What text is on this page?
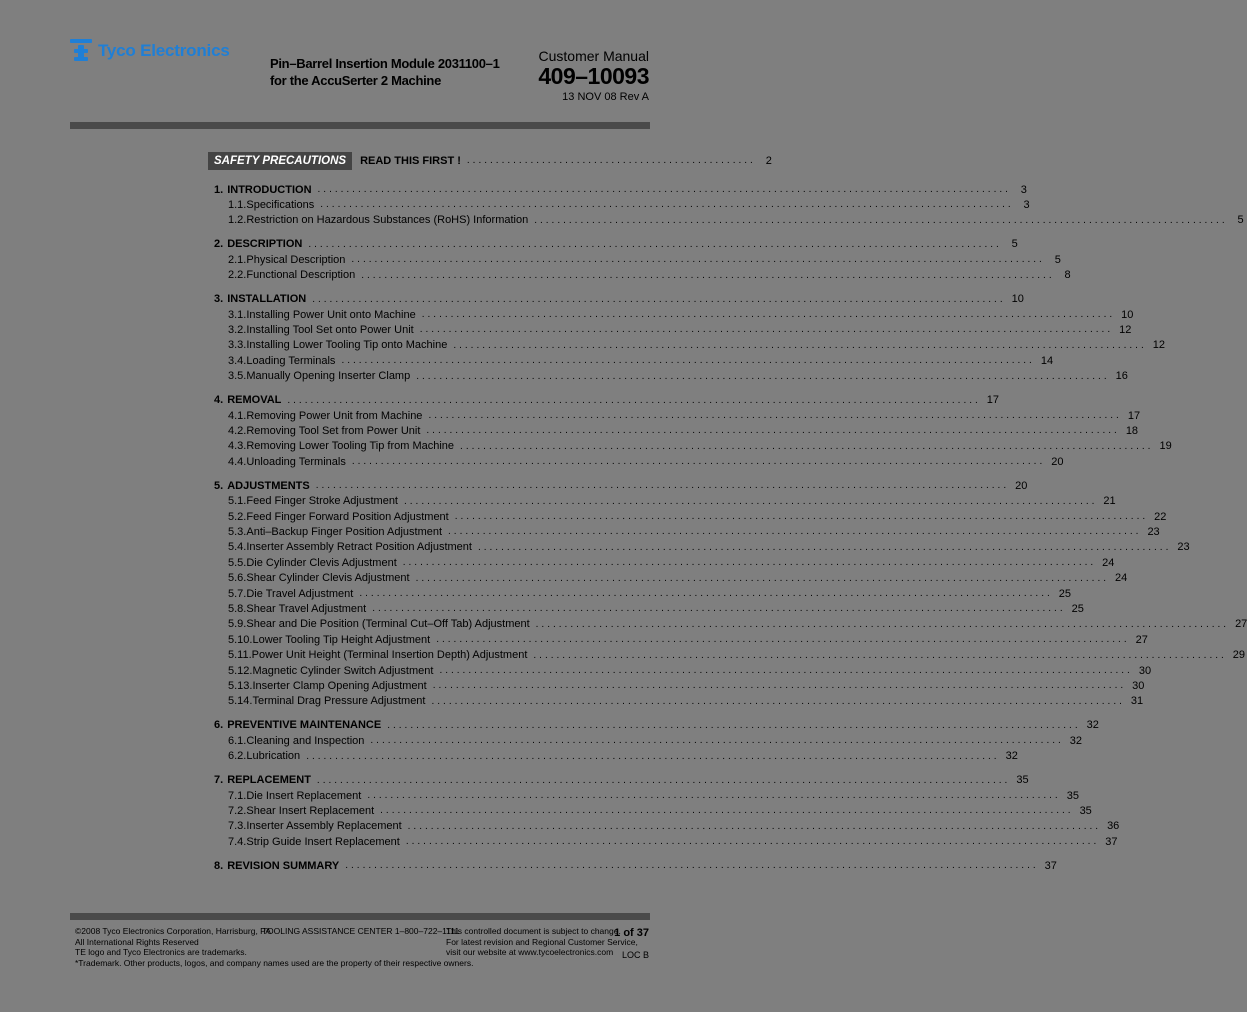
Tyco Electronics
Pin–Barrel Insertion Module 2031100–1
for the AccuSerter 2 Machine
Customer Manual
409–10093
13 NOV 08 Rev A
SAFETY PRECAUTIONS	READ THIS FIRST ! .................................................. 2
1. INTRODUCTION ........................................................................................................................ 3
1.1. Specifications ........................................................................................................................ 3
1.2. Restriction on Hazardous Substances (RoHS) Information ........................................................................................................................ 5
2. DESCRIPTION ........................................................................................................................ 5
2.1. Physical Description ........................................................................................................................ 5
2.2. Functional Description ........................................................................................................................ 8
3. INSTALLATION ........................................................................................................................ 10
3.1. Installing Power Unit onto Machine ........................................................................................................................ 10
3.2. Installing Tool Set onto Power Unit ........................................................................................................................ 12
3.3. Installing Lower Tooling Tip onto Machine ........................................................................................................................ 12
3.4. Loading Terminals ........................................................................................................................ 14
3.5. Manually Opening Inserter Clamp ........................................................................................................................ 16
4. REMOVAL ........................................................................................................................ 17
4.1. Removing Power Unit from Machine ........................................................................................................................ 17
4.2. Removing Tool Set from Power Unit ........................................................................................................................ 18
4.3. Removing Lower Tooling Tip from Machine ........................................................................................................................ 19
4.4. Unloading Terminals ........................................................................................................................ 20
5. ADJUSTMENTS ........................................................................................................................ 20
5.1. Feed Finger Stroke Adjustment ........................................................................................................................ 21
5.2. Feed Finger Forward Position Adjustment ........................................................................................................................ 22
5.3. Anti–Backup Finger Position Adjustment ........................................................................................................................ 23
5.4. Inserter Assembly Retract Position Adjustment ........................................................................................................................ 23
5.5. Die Cylinder Clevis Adjustment ........................................................................................................................ 24
5.6. Shear Cylinder Clevis Adjustment ........................................................................................................................ 24
5.7. Die Travel Adjustment ........................................................................................................................ 25
5.8. Shear Travel Adjustment ........................................................................................................................ 25
5.9. Shear and Die Position (Terminal Cut–Off Tab) Adjustment ........................................................................................................................ 27
5.10. Lower Tooling Tip Height Adjustment ........................................................................................................................ 27
5.11. Power Unit Height (Terminal Insertion Depth) Adjustment ........................................................................................................................ 29
5.12. Magnetic Cylinder Switch Adjustment ........................................................................................................................ 30
5.13. Inserter Clamp Opening Adjustment ........................................................................................................................ 30
5.14. Terminal Drag Pressure Adjustment ........................................................................................................................ 31
6. PREVENTIVE MAINTENANCE ........................................................................................................................ 32
6.1. Cleaning and Inspection ........................................................................................................................ 32
6.2. Lubrication ........................................................................................................................ 32
7. REPLACEMENT ........................................................................................................................ 35
7.1. Die Insert Replacement ........................................................................................................................ 35
7.2. Shear Insert Replacement ........................................................................................................................ 35
7.3. Inserter Assembly Replacement ........................................................................................................................ 36
7.4. Strip Guide Insert Replacement ........................................................................................................................ 37
8. REVISION SUMMARY ........................................................................................................................ 37
©2008 Tyco Electronics Corporation, Harrisburg, PA
All International Rights Reserved
TE logo and Tyco Electronics are trademarks.
*Trademark. Other products, logos, and company names used are the property of their respective owners.
TOOLING ASSISTANCE CENTER 1–800–722–1111
This controlled document is subject to change.
For latest revision and Regional Customer Service,
visit our website at www.tycoelectronics.com
1 of 37
LOC B
